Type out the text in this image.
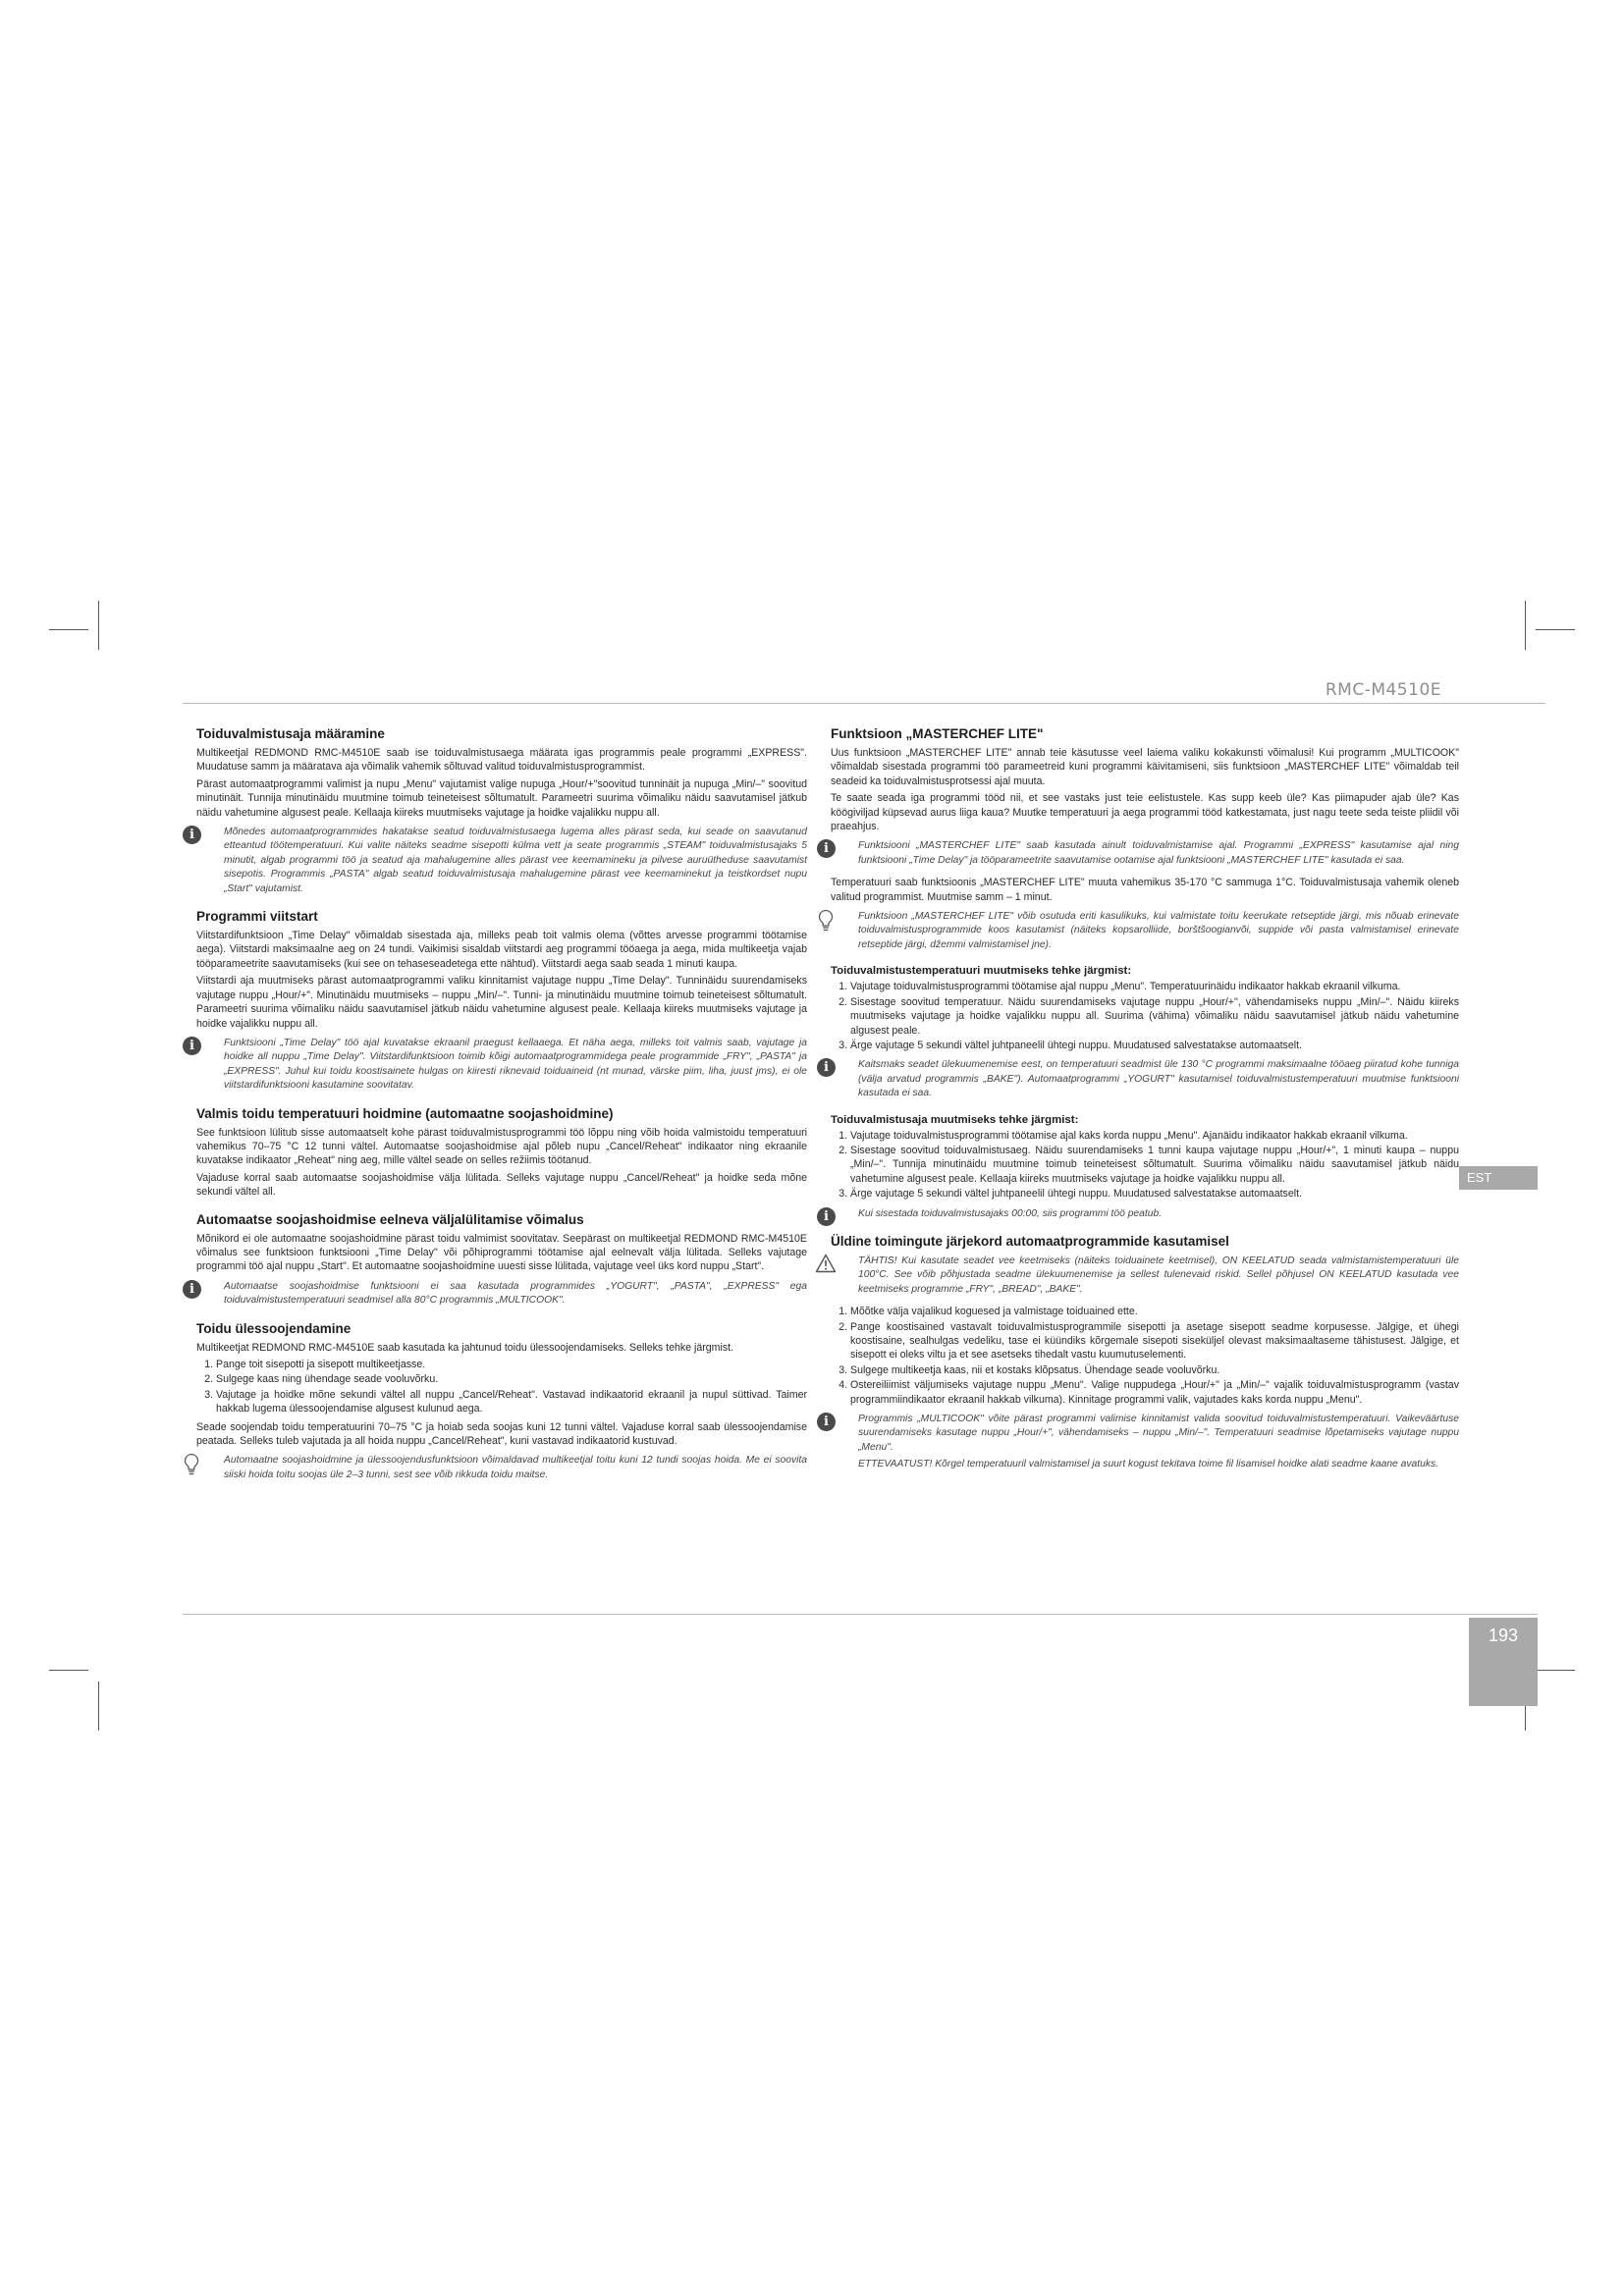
RMC-M4510E
Toiduvalmistusaja määramine

Multikeetjal REDMOND RMC-M4510E saab ise toiduvalmistusaega määrata igas programmis peale programmi „EXPRESS". Muudatuse samm ja määratava aja võimalik vahemik sõltuvad valitud toiduvalmistusprogrammist.

Pärast automaatprogrammi valimist ja nupu „Menu" vajutamist valige nupuga „Hour/+"soovitud tunninäit ja nupuga „Min/–" soovitud minutinäit. Tunnija minutinäidu muutmine toimub teineteisest sõltumatult. Parameetri suurima võimaliku näidu saavutamisel jätkub näidu vahetumine algusest peale. Kellaaja kiireks muutmiseks vajutage ja hoidke vajalikku nuppu all.

i	Mõnedes automaatprogrammides hakatakse seatud toiduvalmistusaega lugema alles pärast seda, kui seade on saavutanud etteantud töötemperatuuri. Kui valite näiteks seadme sisepotti külma vett ja seate programmis „STEAM" toiduvalmistusajaks 5 minutit, algab programmi töö ja seatud aja mahalugemine alles pärast vee keemamineku ja pilvese auruütheduse saavutamist sisepotis. Programmis „PASTA" algab seatud toiduvalmistusaja mahalugemine pärast vee keemaminekut ja teistkordset nupu „Start" vajutamist.

Programmi viitstart

Viitstardifunktsioon „Time Delay" võimaldab sisestada aja, milleks peab toit valmis olema (võttes arvesse programmi töötamise aega). Viitstardi maksimaalne aeg on 24 tundi. Vaikimisi sisaldab viitstardi aeg programmi tööaega ja aega, mida multikeetja vajab tööparameetrite saavutamiseks (kui see on tehaseseadetega ette nähtud). Viitstardi aega saab seada 1 minuti kaupa.

Viitstardi aja muutmiseks pärast automaatprogrammi valiku kinnitamist vajutage nuppu „Time Delay". Tunninäidu suurendamiseks vajutage nuppu „Hour/+". Minutinäidu muutmiseks – nuppu „Min/–". Tunni- ja minutinäidu muutmine toimub teineteisest sõltumatult. Parameetri suurima võimaliku näidu saavutamisel jätkub näidu vahetumine algusest peale. Kellaaja kiireks muutmiseks vajutage ja hoidke vajalikku nuppu all.

i	Funktsiooni „Time Delay" töö ajal kuvatakse ekraanil praegust kellaaega. Et näha aega, milleks toit valmis saab, vajutage ja hoidke all nuppu „Time Delay". Viitstardifunktsioon toimib kõigi automaatprogrammidega peale programmide „FRY", „PASTA" ja „EXPRESS". Juhul kui toidu koostisainete hulgas on kiiresti riknevaid toiduaineid (nt munad, värske piim, liha, juust jms), ei ole viitstardifunktsiooni kasutamine soovitatav.

Valmis toidu temperatuuri hoidmine (automaatne soojashoidmine)

See funktsioon lülitub sisse automaatselt kohe pärast toiduvalmistusprogrammi töö lõppu ning võib hoida valmistoidu temperatuuri vahemikus 70–75 °C 12 tunni vältel. Automaatse soojashoidmise ajal põleb nupu „Cancel/Reheat" indikaator ning ekraanile kuvatakse indikaator „Reheat" ning aeg, mille vältel seade on selles režiimis töötanud.

Vajaduse korral saab automaatse soojashoidmise välja lülitada. Selleks vajutage nuppu „Cancel/Reheat" ja hoidke seda mõne sekundi vältel all.

Automaatse soojashoidmise eelneva väljalülitamise võimalus

Mõnikord ei ole automaatne soojashoidmine pärast toidu valmimist soovitatav. Seepärast on multikeetjal REDMOND RMC-M4510E võimalus see funktsioon funktsiooni „Time Delay" või põhiprogrammi töötamise ajal eelnevalt välja lülitada. Selleks vajutage programmi töö ajal nuppu „Start". Et automaatne soojashoidmine uuesti sisse lülitada, vajutage veel üks kord nuppu „Start".

i	Automaatse soojashoidmise funktsiooni ei saa kasutada programmides „YOGURT", „PASTA", „EXPRESS" ega toiduvalmistustemperatuuri seadmisel alla 80°C programmis „MULTICOOK".

Toidu ülessoojendamine

Multikeetjat REDMOND RMC-M4510E saab kasutada ka jahtunud toidu ülessoojendamiseks. Selleks tehke järgmist.

1. Pange toit sisepotti ja sisepott multikeetjasse.
2. Sulgege kaas ning ühendage seade vooluvõrku.
3. Vajutage ja hoidke mõne sekundi vältel all nuppu „Cancel/Reheat". Vastavad indikaatorid ekraanil ja nupul süttivad. Taimer hakkab lugema ülessoojendamise algusest kulunud aega.

Seade soojendab toidu temperatuurini 70–75 °C ja hoiab seda soojas kuni 12 tunni vältel. Vajaduse korral saab ülessoojendamise peatada. Selleks tuleb vajutada ja all hoida nuppu „Cancel/Reheat", kuni vastavad indikaatorid kustuvad.

Automaatne soojashoidmine ja ülessoojendusfunktsioon võimaldavad multikeetjal toitu kuni 12 tundi soojas hoida. Me ei soovita siiski hoida toitu soojas üle 2–3 tunni, sest see võib rikkuda toidu maitse.

Funktsioon „MASTERCHEF LITE"

Uus funktsioon „MASTERCHEF LITE" annab teie käsutusse veel laiema valiku kokakunsti võimalusi! Kui programm „MULTICOOK" võimaldab sisestada programmi töö parameetreid kuni programmi käivitamiseni, siis funktsioon „MASTERCHEF LITE" võimaldab teil seadeid ka toiduvalmistusprotsessi ajal muuta.

Te saate seada iga programmi tööd nii, et see vastaks just teie eelistustele. Kas supp keeb üle? Kas piimapuder ajab üle? Kas köögiviljad küpsevad aurus liiga kaua? Muutke temperatuuri ja aega programmi tööd katkestamata, just nagu teete seda teiste pliidil või praeahjus.

i	Funktsiooni „MASTERCHEF LITE" saab kasutada ainult toiduvalmistamise ajal. Programmi „EXPRESS" kasutamise ajal ning funktsiooni „Time Delay" ja tööparameetrite saavutamise ootamise ajal funktsiooni „MASTERCHEF LITE" kasutada ei saa.

Temperatuuri saab funktsioonis „MASTERCHEF LITE" muuta vahemikus 35-170 °C sammuga 1°C. Toiduvalmistusaja vahemik oleneb valitud programmist. Muutmise samm – 1 minut.

Funktsioon „MASTERCHEF LITE" võib osutuda eriti kasulikuks, kui valmistate toitu keerukate retseptide järgi, mis nõuab erinevate toiduvalmistusprogrammide koos kasutamist (näiteks kopsarolliide, borštšoogianvõi, suppide või pasta valmistamisel erinevate retseptide järgi, džemmi valmistamisel jne).

Toiduvalmistustemperatuuri muutmiseks tehke järgmist:
1. Vajutage toiduvalmistusprogrammi töötamise ajal nuppu „Menu". Temperatuurinäidu indikaator hakkab ekraanil vilkuma.
2. Sisestage soovitud temperatuur. Näidu suurendamiseks vajutage nuppu „Hour/+", vähendamiseks nuppu „Min/–". Näidu kiireks muutmiseks vajutage ja hoidke vajalikku nuppu all. Suurima (vähima) võimaliku näidu saavutamisel jätkub näidu vahetumine algusest peale.
3. Ärge vajutage 5 sekundi vältel juhtpaneelil ühtegi nuppu. Muudatused salvestatakse automaatselt.
i	Kaitsmaks seadet ülekuumenemise eest, on temperatuuri seadmist üle 130 °C programmi maksimaalne tööaeg piiratud kohe tunniga (välja arvatud programmis „BAKE"). Automaatprogrammi „YOGURT" kasutamisel toiduvalmistustemperatuuri muutmise funktsiooni kasutada ei saa.

Toiduvalmistusaja muutmiseks tehke järgmist:
1. Vajutage toiduvalmistusprogrammi töötamise ajal kaks korda nuppu „Menu". Ajanäidu indikaator hakkab ekraanil vilkuma.
2. Sisestage soovitud toiduvalmistusaeg. Näidu suurendamiseks 1 tunni kaupa vajutage nuppu „Hour/+", 1 minuti kaupa – nuppu „Min/–". Tunnija minutinäidu muutmine toimub teineteisest sõltumatult. Suurima võimaliku näidu saavutamisel jätkub näidu vahetumine algusest peale. Kellaaja kiireks muutmiseks vajutage ja hoidke vajalikku nuppu all.
3. Ärge vajutage 5 sekundi vältel juhtpaneelil ühtegi nuppu. Muudatused salvestatakse automaatselt.
i	Kui sisestada toiduvalmistusajaks 00:00, siis programmi töö peatub.

Üldine toimingute järjekord automaatprogrammide kasutamisel

TÄHTIS! Kui kasutate seadet vee keetmiseks (näiteks toiduainete keetmisel), ON KEELATUD seada valmistamistemperatuuri üle 100°C. See võib põhjustada seadme ülekuumenemise ja sellest tulenevaid riskid. Sellel põhjusel ON KEELATUD kasutada vee keetmiseks programme „FRY", „BREAD", „BAKE".

1. Mõõtke välja vajalikud koguesed ja valmistage toiduained ette.
2. Pange koostisained vastavalt toiduvalmistusprogrammile sisepotti ja asetage sisepott seadme korpusesse. Jälgige, et ühegi koostisaine, sealhulgas vedeliku, tase ei küündiks kõrgemale sisepoti siseküljel olevast maksimaaltaseme tähistusest. Jälgige, et sisepott ei oleks viltu ja et see asetseks tihedalt vastu kuumutuselementi.
3. Sulgege multikeetja kaas, nii et kostaks klõpsatus. Ühendage seade vooluvõrku.
4. Ostereiliimist väljumiseks vajutage nuppu „Menu". Valige nuppudega „Hour/+" ja „Min/–" vajalik toiduvalmistusprogramm (vastav programmiindikaator ekraanil hakkab vilkuma). Kinnitage programmi valik, vajutades kaks korda nuppu „Menu".
i	Programmis „MULTICOOK" võite pärast programmi valimise kinnitamist valida soovitud toiduvalmistustemperatuuri. Vaikeväärtuse suurendamiseks kasutage nuppu „Hour/+", vähendamiseks – nuppu „Min/–". Temperatuuri seadmise lõpetamiseks vajutage nuppu „Menu".

ETTEVAATUST! Kõrgel temperatuuril valmistamisel ja suurt kogust tekitava toime fil lisamisel hoidke alati seadme kaane avatuks.

EST
193
